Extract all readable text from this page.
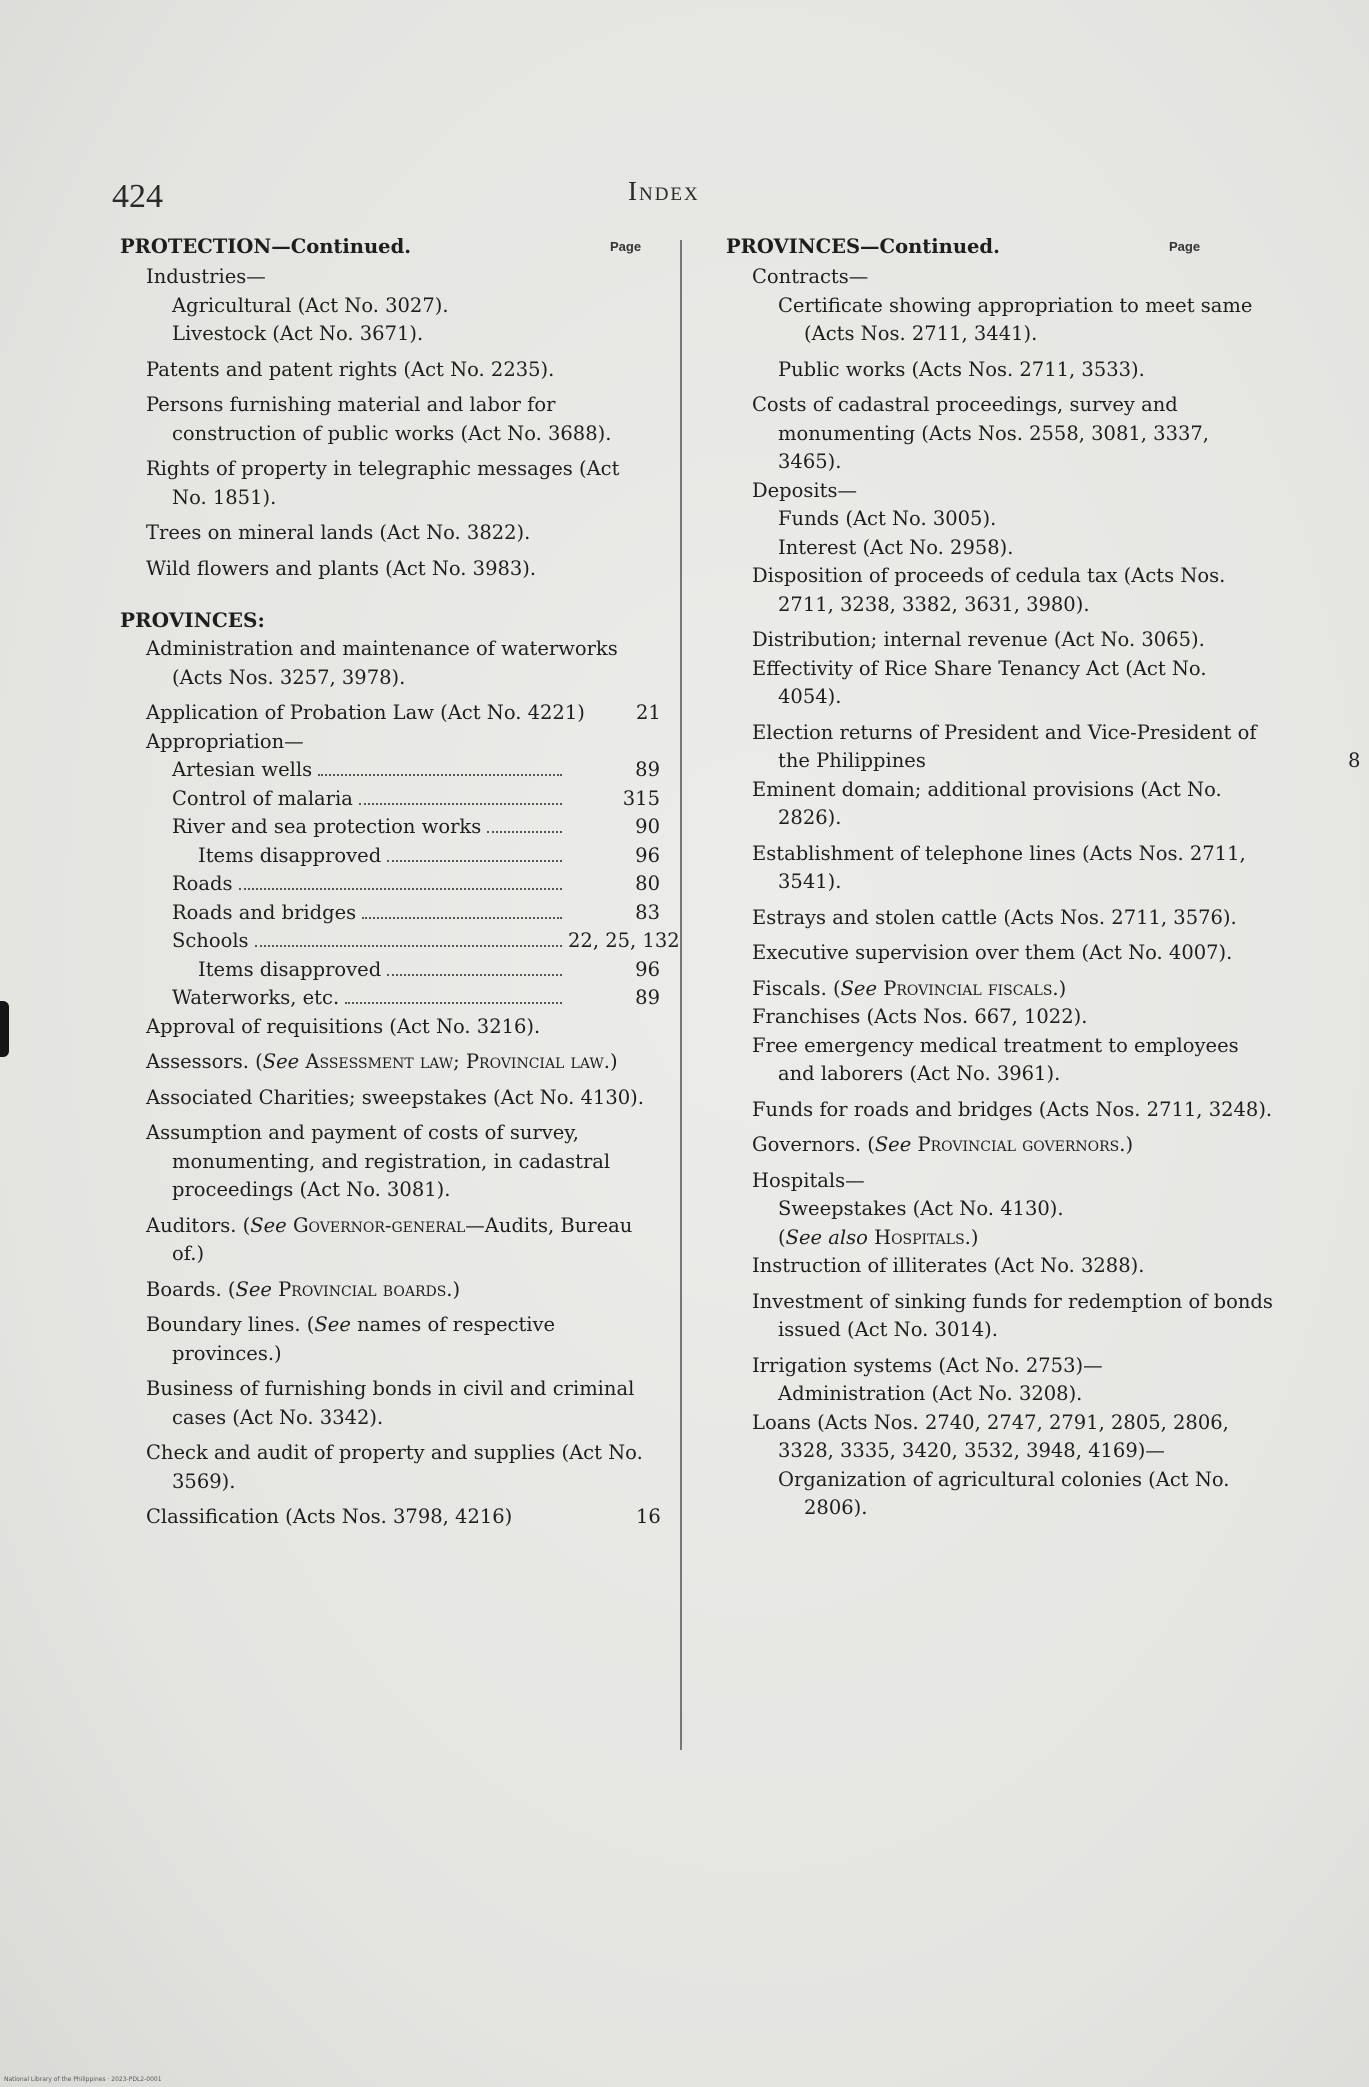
424	Index
PROTECTION—Continued.	Page
Industries—
Agricultural (Act No. 3027).
Livestock (Act No. 3671).
Patents and patent rights (Act No. 2235).
Persons furnishing material and labor for construction of public works (Act No. 3688).
Rights of property in telegraphic messages (Act No. 1851).
Trees on mineral lands (Act No. 3822).
Wild flowers and plants (Act No. 3983).
PROVINCES:
Administration and maintenance of waterworks (Acts Nos. 3257, 3978).
Application of Probation Law (Act No. 4221)	21
Appropriation—
Artesian wells	89
Control of malaria	315
River and sea protection works	90
Items disapproved	96
Roads	80
Roads and bridges	83
Schools	22, 25, 132
Items disapproved	96
Waterworks, etc.	89
Approval of requisitions (Act No. 3216).
Assessors. (See Assessment law; Provincial law.)
Associated Charities; sweepstakes (Act No. 4130).
Assumption and payment of costs of survey, monumenting, and registration, in cadastral proceedings (Act No. 3081).
Auditors. (See Governor-general—Audits, Bureau of.)
Boards. (See Provincial boards.)
Boundary lines. (See names of respective provinces.)
Business of furnishing bonds in civil and criminal cases (Act No. 3342).
Check and audit of property and supplies (Act No. 3569).
Classification (Acts Nos. 3798, 4216)	16
PROVINCES—Continued.	Page
Contracts—
Certificate showing appropriation to meet same (Acts Nos. 2711, 3441).
Public works (Acts Nos. 2711, 3533).
Costs of cadastral proceedings, survey and monumenting (Acts Nos. 2558, 3081, 3337, 3465).
Deposits—
Funds (Act No. 3005).
Interest (Act No. 2958).
Disposition of proceeds of cedula tax (Acts Nos. 2711, 3238, 3382, 3631, 3980).
Distribution; internal revenue (Act No. 3065).
Effectivity of Rice Share Tenancy Act (Act No. 4054).
Election returns of President and Vice-President of the Philippines	8
Eminent domain; additional provisions (Act No. 2826).
Establishment of telephone lines (Acts Nos. 2711, 3541).
Estrays and stolen cattle (Acts Nos. 2711, 3576).
Executive supervision over them (Act No. 4007).
Fiscals. (See Provincial fiscals.)
Franchises (Acts Nos. 667, 1022).
Free emergency medical treatment to employees and laborers (Act No. 3961).
Funds for roads and bridges (Acts Nos. 2711, 3248).
Governors. (See Provincial governors.)
Hospitals—
Sweepstakes (Act No. 4130).
(See also Hospitals.)
Instruction of illiterates (Act No. 3288).
Investment of sinking funds for redemption of bonds issued (Act No. 3014).
Irrigation systems (Act No. 2753)—
Administration (Act No. 3208).
Loans (Acts Nos. 2740, 2747, 2791, 2805, 2806, 3328, 3335, 3420, 3532, 3948, 4169)—
Organization of agricultural colonies (Act No. 2806).
National Library of the Philippines · 2023-PDL2-0001
